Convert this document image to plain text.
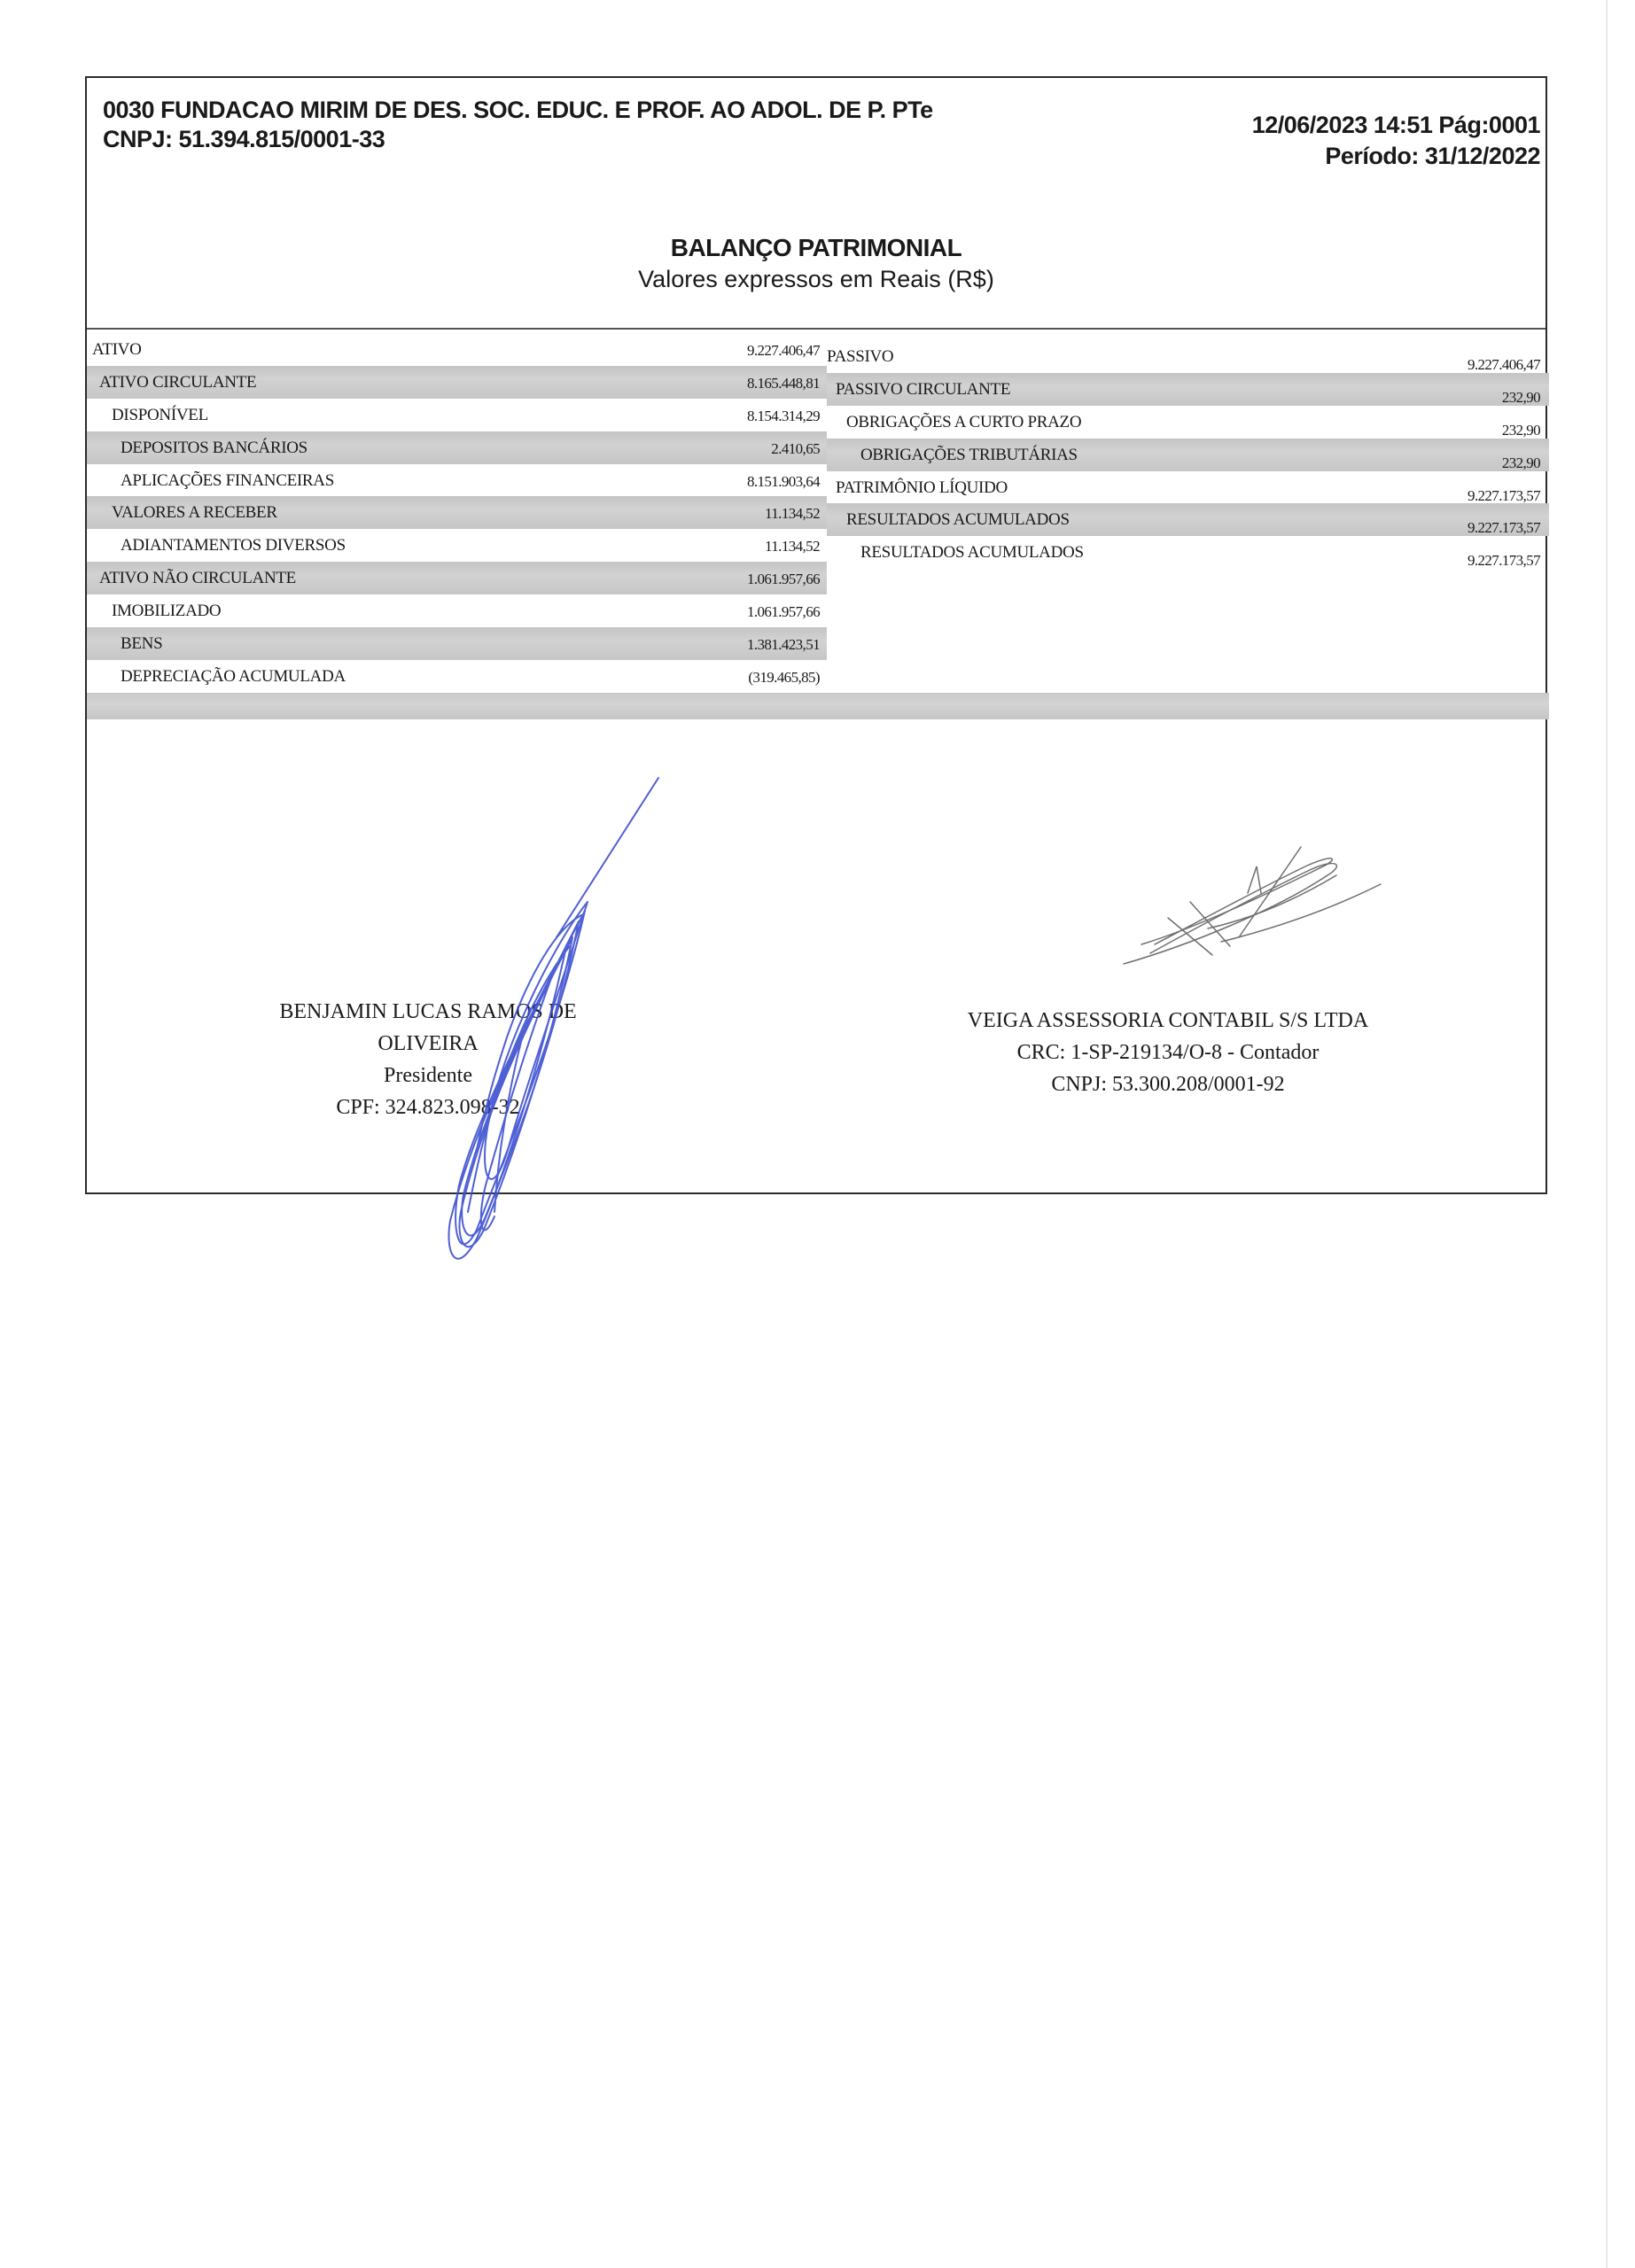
0030 FUNDACAO MIRIM DE DES. SOC. EDUC. E PROF. AO ADOL. DE P. PTe
CNPJ: 51.394.815/0001-33
12/06/2023 14:51 Pág:0001
Período: 31/12/2022
BALANÇO PATRIMONIAL
Valores expressos em Reais (R$)
ATIVO	9.227.406,47
ATIVO CIRCULANTE	8.165.448,81
DISPONÍVEL	8.154.314,29
DEPOSITOS BANCÁRIOS	2.410,65
APLICAÇÕES FINANCEIRAS	8.151.903,64
VALORES A RECEBER	11.134,52
ADIANTAMENTOS DIVERSOS	11.134,52
ATIVO NÃO CIRCULANTE	1.061.957,66
IMOBILIZADO	1.061.957,66
BENS	1.381.423,51
DEPRECIAÇÃO ACUMULADA	(319.465,85)
PASSIVO	9.227.406,47
PASSIVO CIRCULANTE	232,90
OBRIGAÇÕES A CURTO PRAZO	232,90
OBRIGAÇÕES TRIBUTÁRIAS	232,90
PATRIMÔNIO LÍQUIDO	9.227.173,57
RESULTADOS ACUMULADOS	9.227.173,57
RESULTADOS ACUMULADOS	9.227.173,57
BENJAMIN LUCAS RAMOS DE OLIVEIRA
Presidente
CPF: 324.823.098-32
VEIGA ASSESSORIA CONTABIL S/S LTDA
CRC: 1-SP-219134/O-8 - Contador
CNPJ: 53.300.208/0001-92
